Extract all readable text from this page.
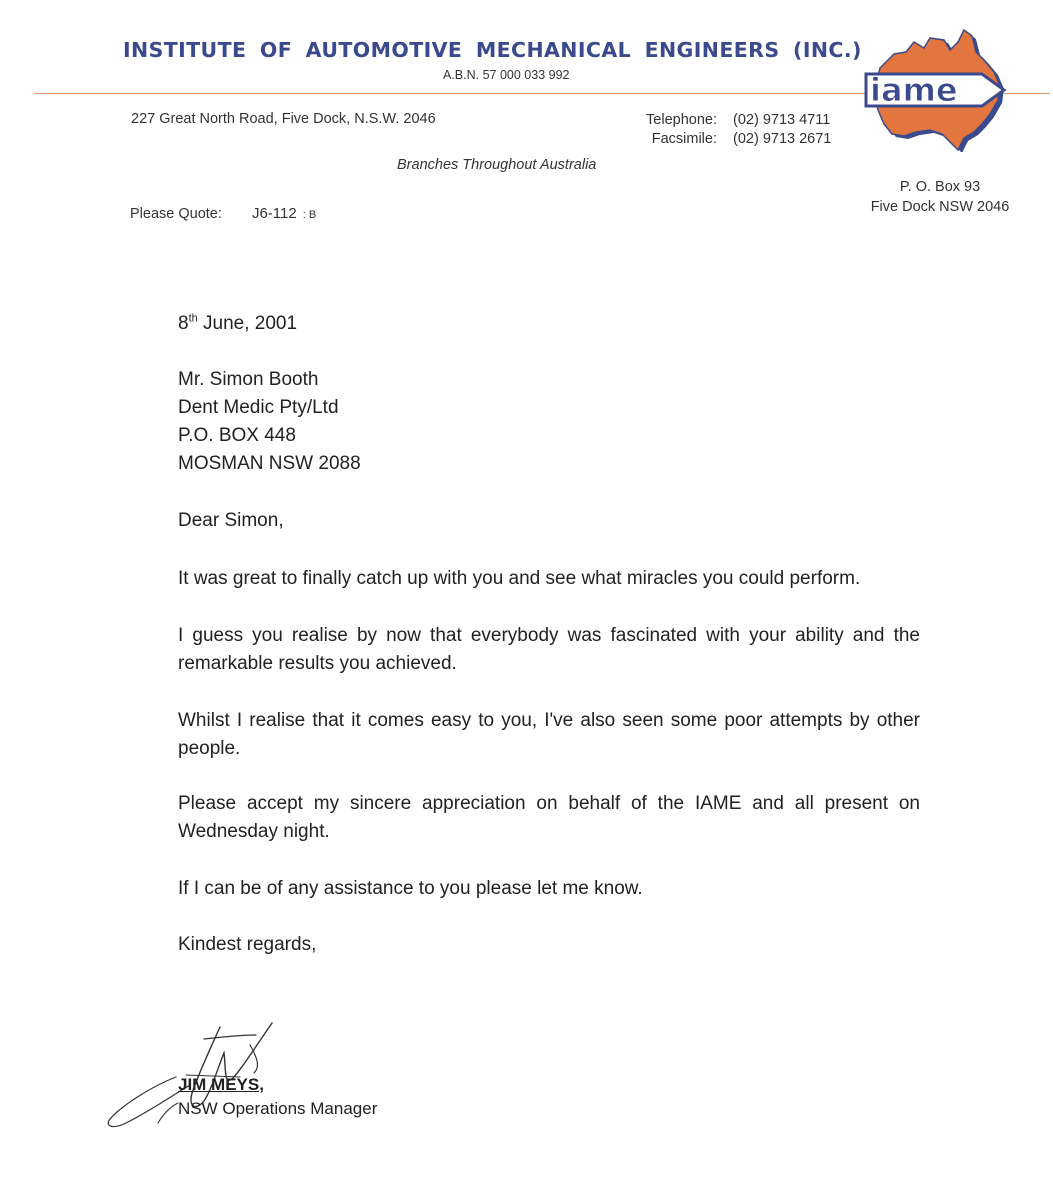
INSTITUTE OF AUTOMOTIVE MECHANICAL ENGINEERS (INC.)
A.B.N. 57 000 033 992
227 Great North Road, Five Dock, N.S.W. 2046	Telephone:	(02) 9713 4711
Facsimile:	(02) 9713 2671
Branches Throughout Australia
P. O. Box 93
Five Dock NSW 2046
Please Quote: J6-112 : B
iame
8th June, 2001
Mr. Simon Booth
Dent Medic Pty/Ltd
P.O. BOX 448
MOSMAN NSW 2088
Dear Simon,
It was great to finally catch up with you and see what miracles you could perform.
I guess you realise by now that everybody was fascinated with your ability and the remarkable results you achieved.
Whilst I realise that it comes easy to you, I've also seen some poor attempts by other people.
Please accept my sincere appreciation on behalf of the IAME and all present on Wednesday night.
If I can be of any assistance to you please let me know.
Kindest regards,
JIM MEYS,
NSW Operations Manager
